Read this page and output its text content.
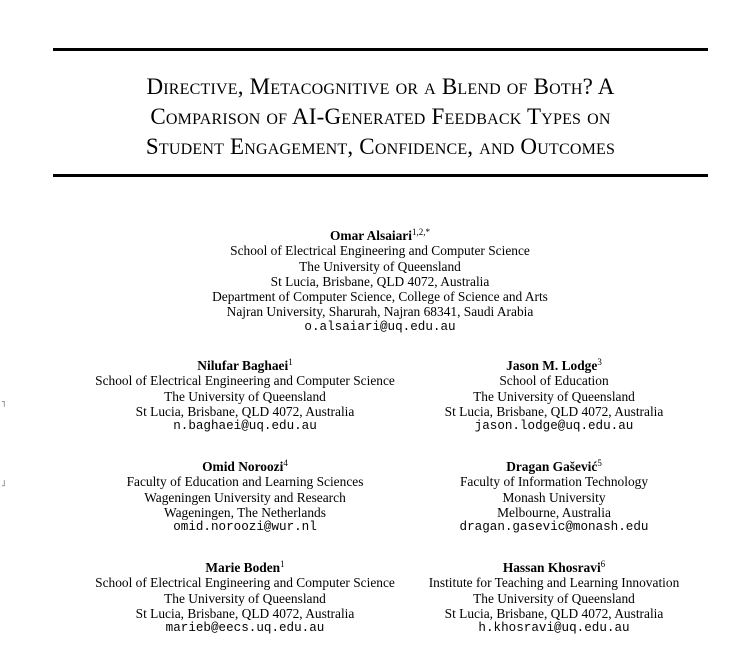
Directive, Metacognitive or a Blend of Both? A
Comparison of AI-Generated Feedback Types on
Student Engagement, Confidence, and Outcomes
Omar Alsaiari$^{1,2,*}$
School of Electrical Engineering and Computer Science
The University of Queensland
St Lucia, Brisbane, QLD 4072, Australia
Department of Computer Science, College of Science and Arts
Najran University, Sharurah, Najran 68341, Saudi Arabia
o.alsaiari@uq.edu.au
Nilufar Baghaei$^1$
School of Electrical Engineering and Computer Science
The University of Queensland
St Lucia, Brisbane, QLD 4072, Australia
n.baghaei@uq.edu.au
Jason M. Lodge$^3$
School of Education
The University of Queensland
St Lucia, Brisbane, QLD 4072, Australia
jason.lodge@uq.edu.au
Omid Noroozi$^4$
Faculty of Education and Learning Sciences
Wageningen University and Research
Wageningen, The Netherlands
omid.noroozi@wur.nl
Dragan Gašević$^5$
Faculty of Information Technology
Monash University
Melbourne, Australia
dragan.gasevic@monash.edu
Marie Boden$^1$
School of Electrical Engineering and Computer Science
The University of Queensland
St Lucia, Brisbane, QLD 4072, Australia
marieb@eecs.uq.edu.au
Hassan Khosravi$^6$
Institute for Teaching and Learning Innovation
The University of Queensland
St Lucia, Brisbane, QLD 4072, Australia
h.khosravi@uq.edu.au
˥
˩
